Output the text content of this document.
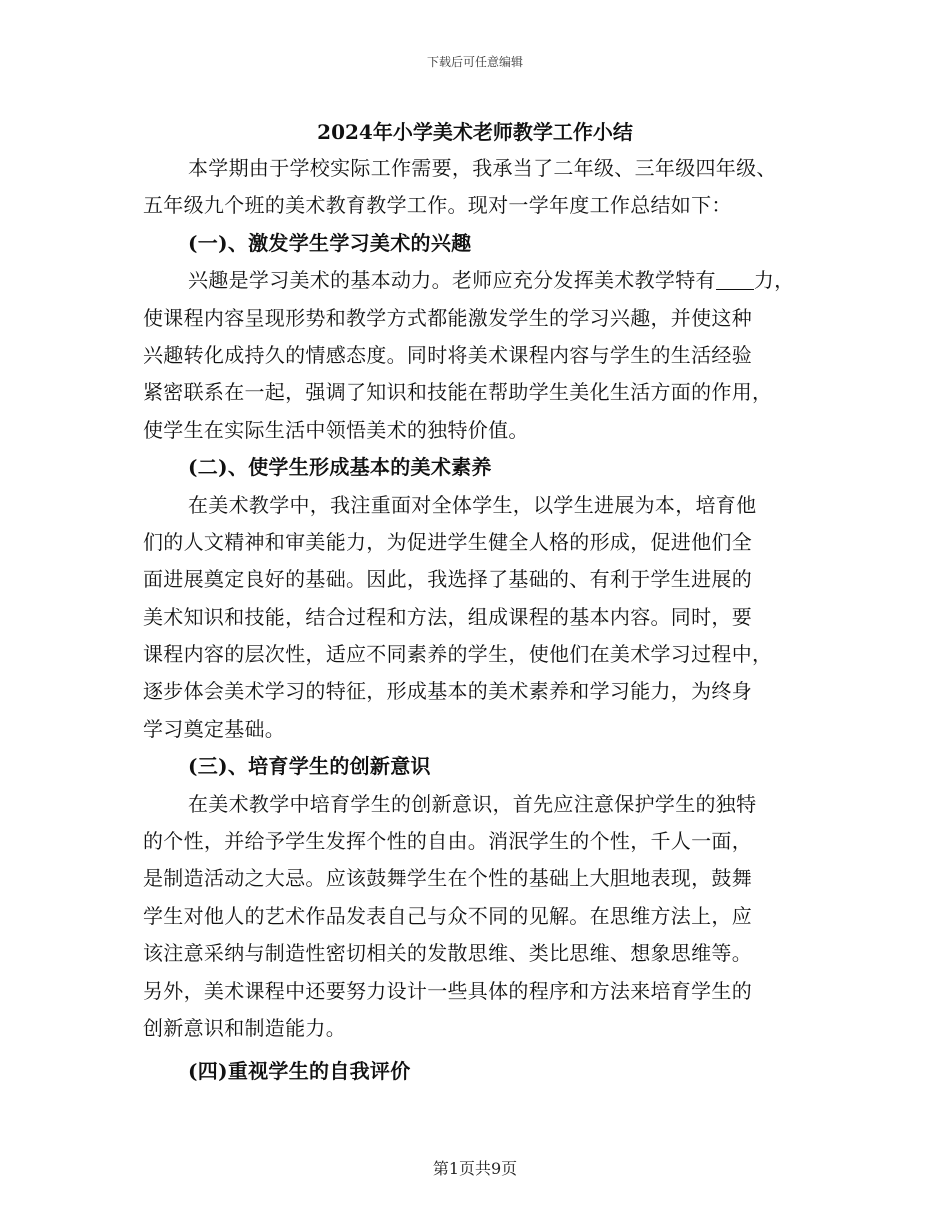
下载后可任意编辑
2024年小学美术老师教学工作小结
本学期由于学校实际工作需要，我承当了二年级、三年级四年级、
五年级九个班的美术教育教学工作。现对一学年度工作总结如下：
(一)、激发学生学习美术的兴趣
兴趣是学习美术的基本动力。老师应充分发挥美术教学特有 力，
使课程内容呈现形势和教学方式都能激发学生的学习兴趣，并使这种
兴趣转化成持久的情感态度。同时将美术课程内容与学生的生活经验
紧密联系在一起，强调了知识和技能在帮助学生美化生活方面的作用，
使学生在实际生活中领悟美术的独特价值。
(二)、使学生形成基本的美术素养
在美术教学中，我注重面对全体学生，以学生进展为本，培育他
们的人文精神和审美能力，为促进学生健全人格的形成，促进他们全
面进展奠定良好的基础。因此，我选择了基础的、有利于学生进展的
美术知识和技能，结合过程和方法，组成课程的基本内容。同时，要
课程内容的层次性，适应不同素养的学生，使他们在美术学习过程中，
逐步体会美术学习的特征，形成基本的美术素养和学习能力，为终身
学习奠定基础。
(三)、培育学生的创新意识
在美术教学中培育学生的创新意识，首先应注意保护学生的独特
的个性，并给予学生发挥个性的自由。消泯学生的个性，千人一面，
是制造活动之大忌。应该鼓舞学生在个性的基础上大胆地表现，鼓舞
学生对他人的艺术作品发表自己与众不同的见解。在思维方法上，应
该注意采纳与制造性密切相关的发散思维、类比思维、想象思维等。
另外，美术课程中还要努力设计一些具体的程序和方法来培育学生的
创新意识和制造能力。
(四)重视学生的自我评价
第1页共9页
